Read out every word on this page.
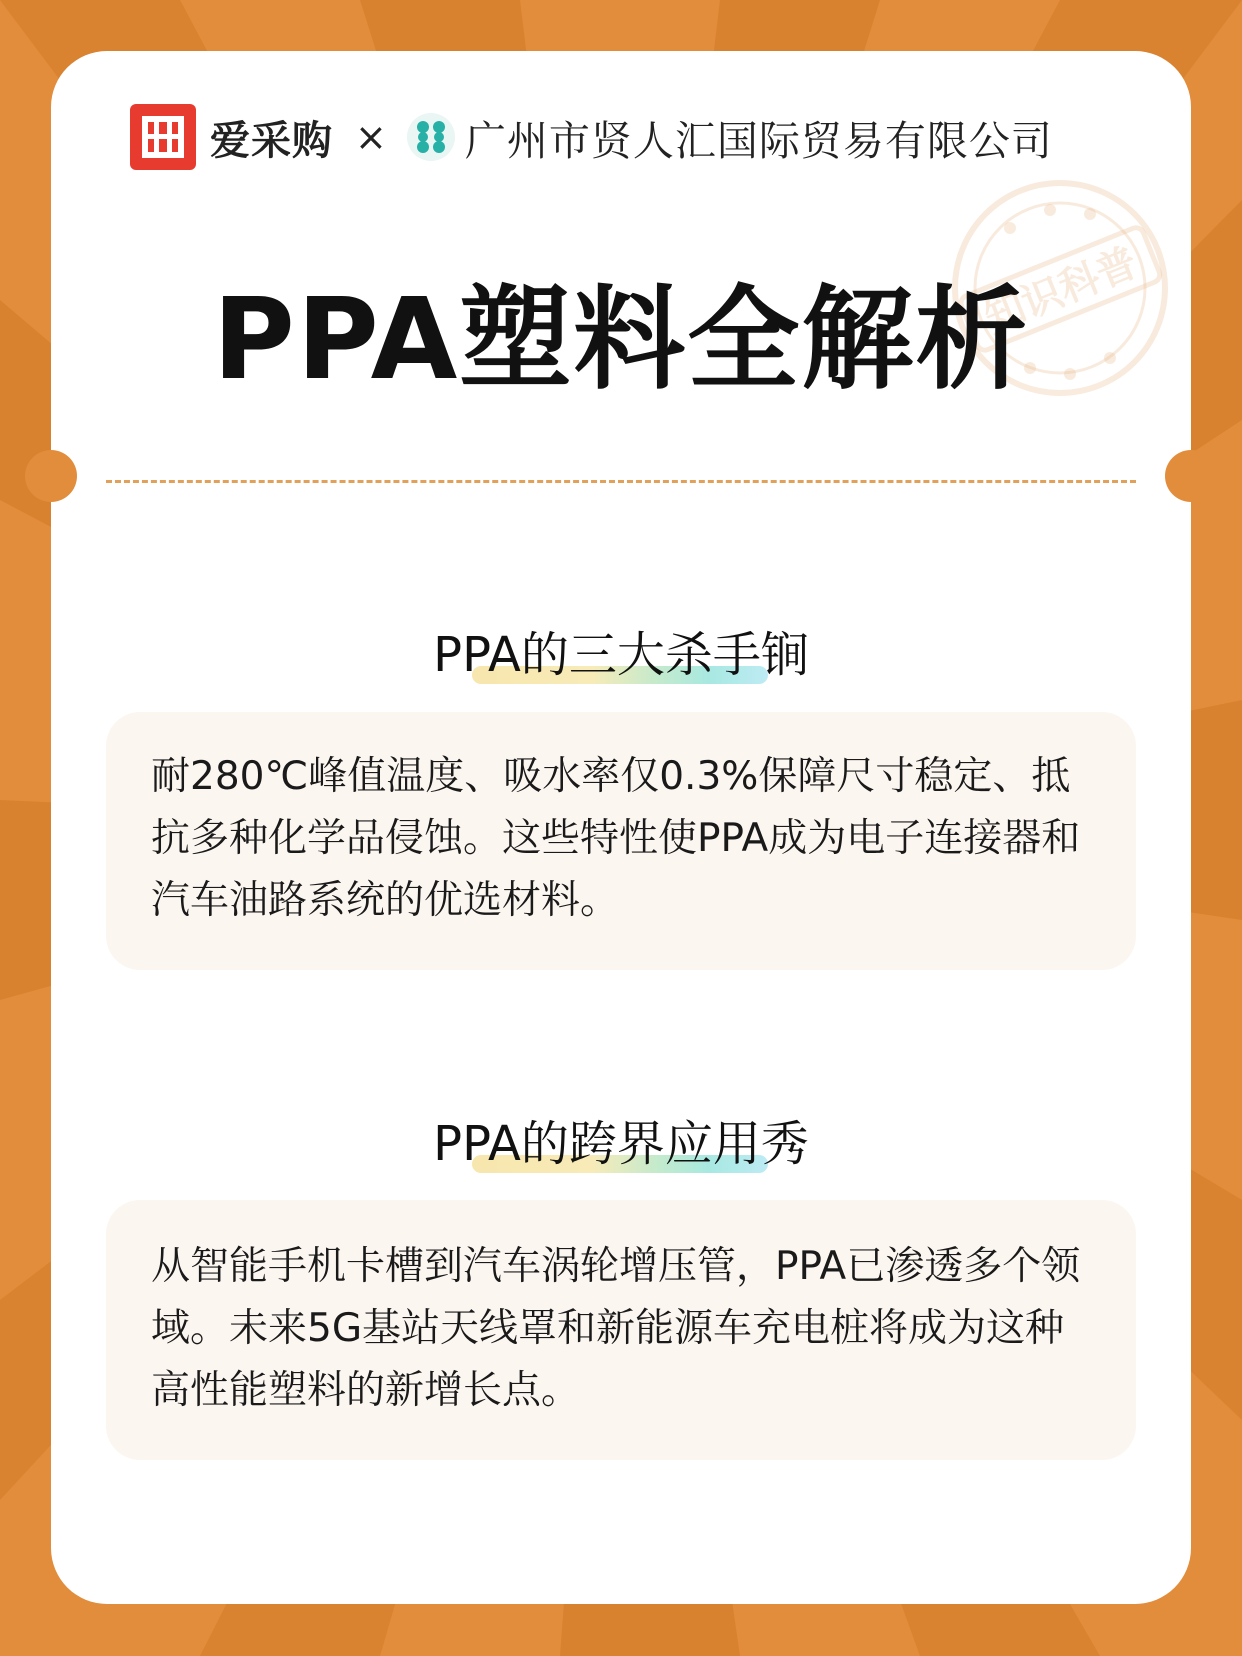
知识科普
爱采购 × 广州市贤人汇国际贸易有限公司
PPA塑料全解析
PPA的三大杀手锏
耐280℃峰值温度、吸水率仅0.3%保障尺寸稳定、抵抗多种化学品侵蚀。这些特性使PPA成为电子连接器和汽车油路系统的优选材料。
PPA的跨界应用秀
从智能手机卡槽到汽车涡轮增压管，PPA已渗透多个领域。未来5G基站天线罩和新能源车充电桩将成为这种高性能塑料的新增长点。
